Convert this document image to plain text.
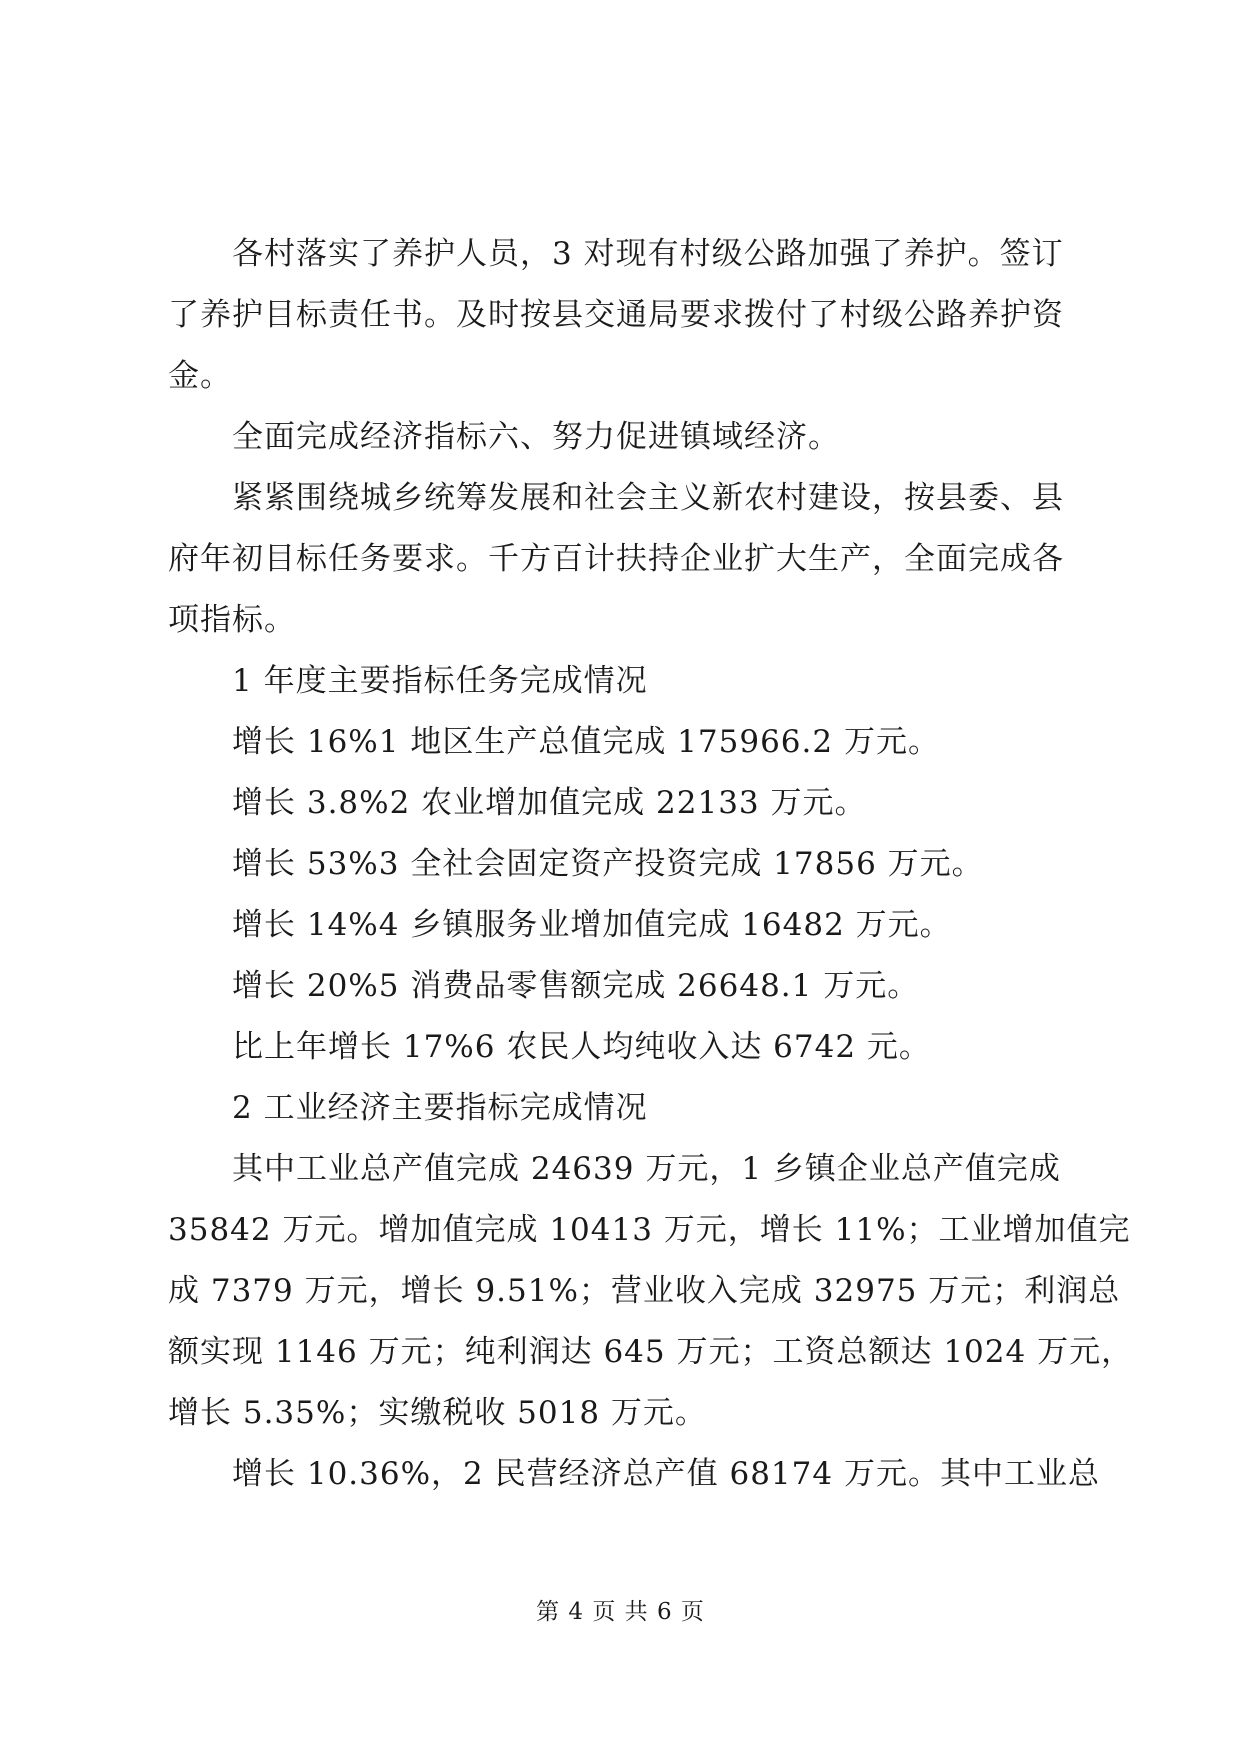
各村落实了养护人员，3 对现有村级公路加强了养护。签订
了养护目标责任书。及时按县交通局要求拨付了村级公路养护资
金。

全面完成经济指标六、努力促进镇域经济。

紧紧围绕城乡统筹发展和社会主义新农村建设，按县委、县
府年初目标任务要求。千方百计扶持企业扩大生产，全面完成各
项指标。

1 年度主要指标任务完成情况

增长 16%1 地区生产总值完成 175966.2 万元。

增长 3.8%2 农业增加值完成 22133 万元。

增长 53%3 全社会固定资产投资完成 17856 万元。

增长 14%4 乡镇服务业增加值完成 16482 万元。

增长 20%5 消费品零售额完成 26648.1 万元。

比上年增长 17%6 农民人均纯收入达 6742 元。

2 工业经济主要指标完成情况

其中工业总产值完成 24639 万元，1 乡镇企业总产值完成
35842 万元。增加值完成 10413 万元，增长 11%；工业增加值完
成 7379 万元，增长 9.51%；营业收入完成 32975 万元；利润总
额实现 1146 万元；纯利润达 645 万元；工资总额达 1024 万元，
增长 5.35%；实缴税收 5018 万元。

增长 10.36%，2 民营经济总产值 68174 万元。其中工业总

第 4 页 共 6 页
